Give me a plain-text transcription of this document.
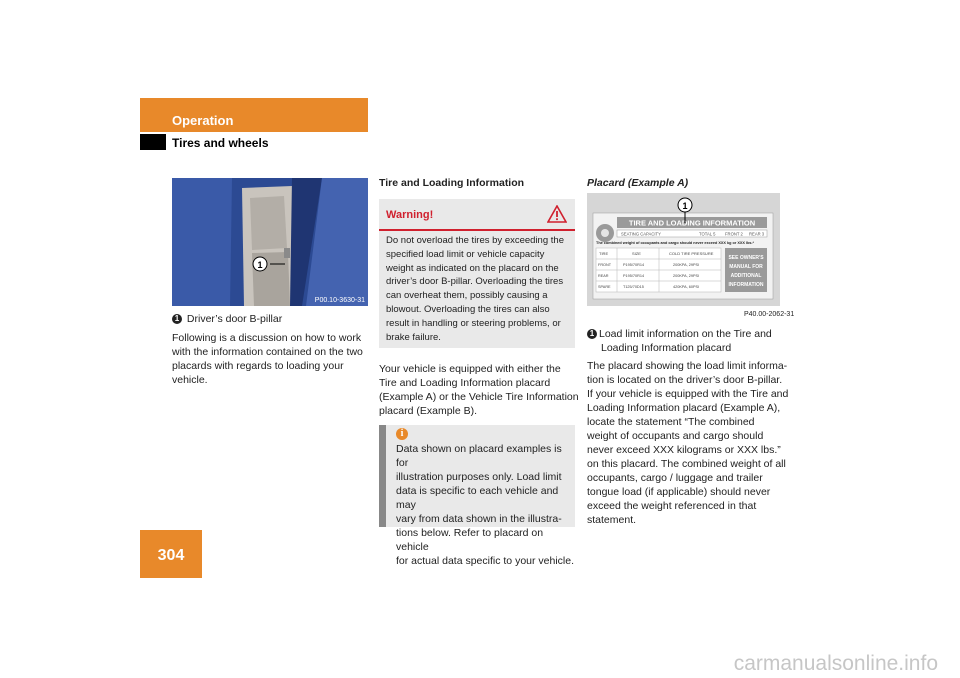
Operation
Tires and wheels
304
1
P00.10-3630-31
1 Driver’s door B-pillar
Following is a discussion on how to work
with the information contained on the two
placards with regards to loading your
vehicle.
Tire and Loading Information
Warning!
Do not overload the tires by exceeding the
specified load limit or vehicle capacity
weight as indicated on the placard on the
driver’s door B-pillar. Overloading the tires
can overheat them, possibly causing a
blowout. Overloading the tires can also
result in handling or steering problems, or
brake failure.
Your vehicle is equipped with either the
Tire and Loading Information placard
(Example A) or the Vehicle Tire Information
placard (Example B).
i
Data shown on placard examples is for
illustration purposes only. Load limit
data is specific to each vehicle and may
vary from data shown in the illustra-
tions below. Refer to placard on vehicle
for actual data specific to your vehicle.
Placard (Example A)
TIRE AND LOADING INFORMATION
SEATING CAPACITY	TOTAL 5 FRONT 2 REAR 3
The combined weight of occupants and cargo should never exceed XXX kg or XXX lbs.*
TIRE	SIZE	COLD TIRE PRESSURE
FRONT	P195/70R14	200KPA, 29PSI
REAR	P195/70R14	200KPA, 29PSI
SPARE	T125/70D15	420KPA, 60PSI
SEE OWNER'S
MANUAL FOR
ADDITIONAL
INFORMATION
1
P40.00-2062-31
1 Load limit information on the Tire and
Loading Information placard
The placard showing the load limit informa-
tion is located on the driver’s door B-pillar.
If your vehicle is equipped with the Tire and
Loading Information placard (Example A),
locate the statement “The combined
weight of occupants and cargo should
never exceed XXX kilograms or XXX lbs.”
on this placard. The combined weight of all
occupants, cargo / luggage and trailer
tongue load (if applicable) should never
exceed the weight referenced in that
statement.
carmanualsonline.info
